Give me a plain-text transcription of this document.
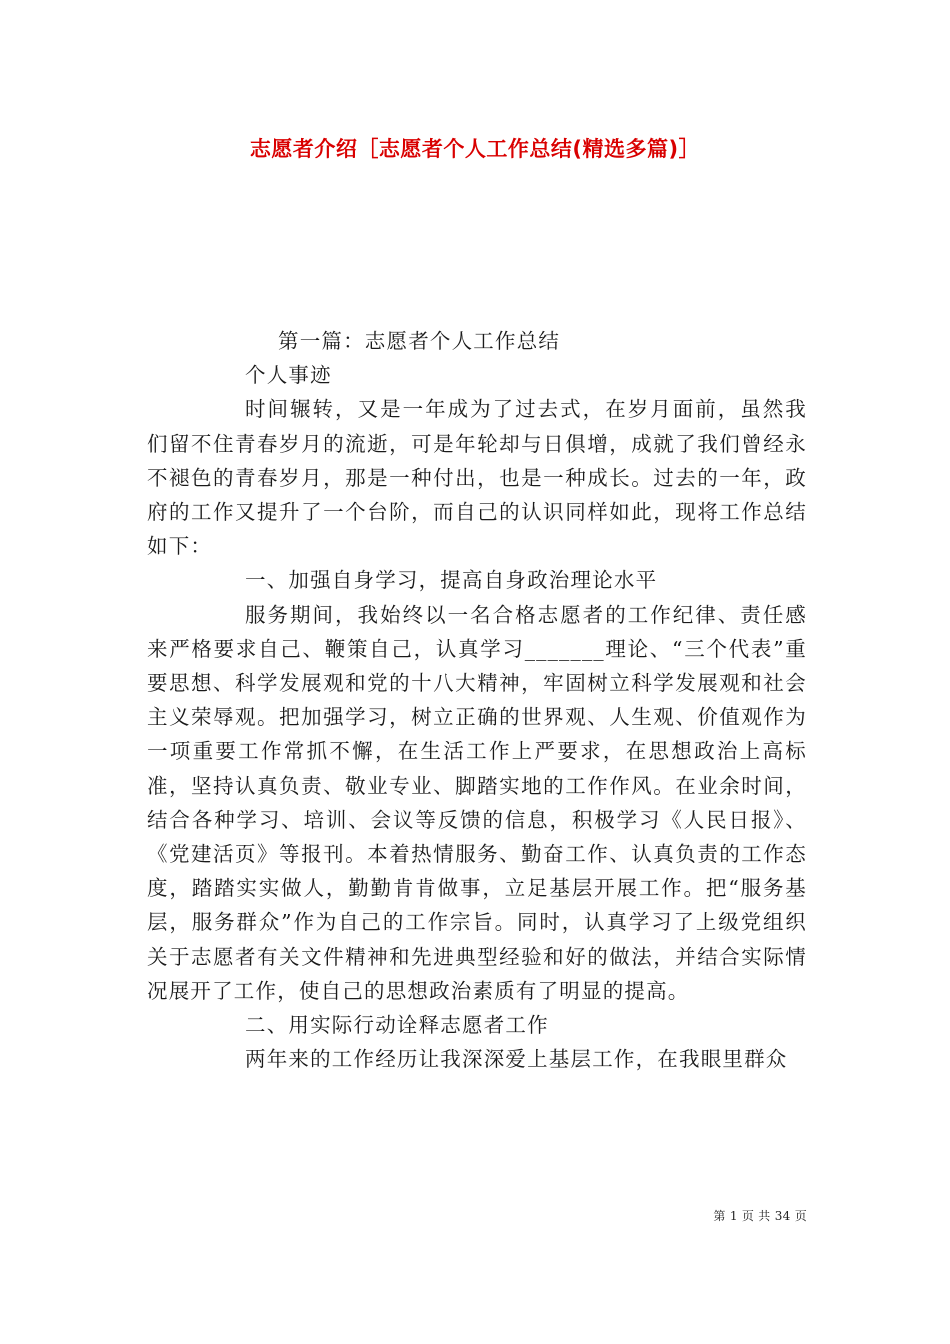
志愿者介绍［志愿者个人工作总结(精选多篇)］

第一篇：志愿者个人工作总结

个人事迹

时间辗转，又是一年成为了过去式，在岁月面前，虽然我们留不住青春岁月的流逝，可是年轮却与日俱增，成就了我们曾经永不褪色的青春岁月，那是一种付出，也是一种成长。过去的一年，政府的工作又提升了一个台阶，而自己的认识同样如此，现将工作总结如下：

一、加强自身学习，提高自身政治理论水平

服务期间，我始终以一名合格志愿者的工作纪律、责任感来严格要求自己、鞭策自己，认真学习_______理论、“三个代表”重要思想、科学发展观和党的十八大精神，牢固树立科学发展观和社会主义荣辱观。把加强学习，树立正确的世界观、人生观、价值观作为一项重要工作常抓不懈，在生活工作上严要求，在思想政治上高标准，坚持认真负责、敬业专业、脚踏实地的工作作风。在业余时间，结合各种学习、培训、会议等反馈的信息，积极学习《人民日报》、《党建活页》等报刊。本着热情服务、勤奋工作、认真负责的工作态度，踏踏实实做人，勤勤肯肯做事，立足基层开展工作。把“服务基层，服务群众”作为自己的工作宗旨。同时，认真学习了上级党组织关于志愿者有关文件精神和先进典型经验和好的做法，并结合实际情况展开了工作，使自己的思想政治素质有了明显的提高。

二、用实际行动诠释志愿者工作

两年来的工作经历让我深深爱上基层工作，在我眼里群众

第 1 页 共 34 页
